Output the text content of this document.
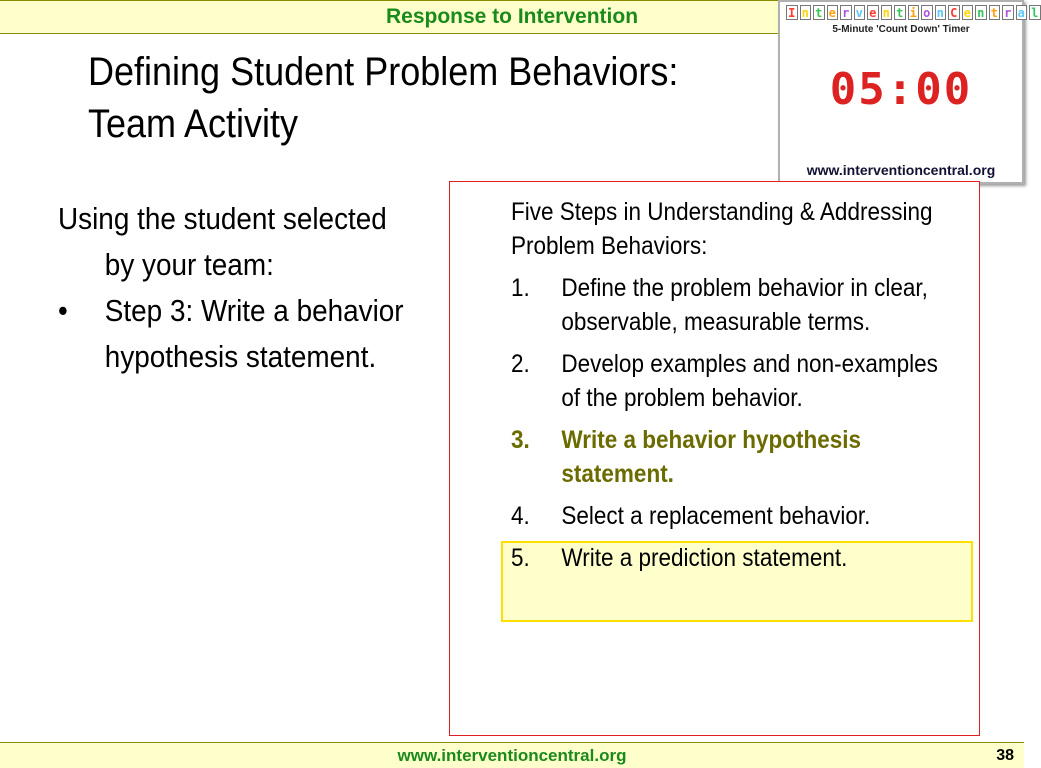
Response to Intervention
Defining Student Problem Behaviors:
Team Activity
I n t e r v e n t i o n C e n t r a l
5-Minute 'Count Down' Timer
05:00
www.interventioncentral.org
Using the student selected by your team:
•	Step 3: Write a behavior hypothesis statement.
Five Steps in Understanding & Addressing Problem Behaviors:
1.	Define the problem behavior in clear, observable, measurable terms.
2.	Develop examples and non-examples of the problem behavior.
3.	Write a behavior hypothesis statement.
4.	Select a replacement behavior.
5.	Write a prediction statement.
www.interventioncentral.org	38
